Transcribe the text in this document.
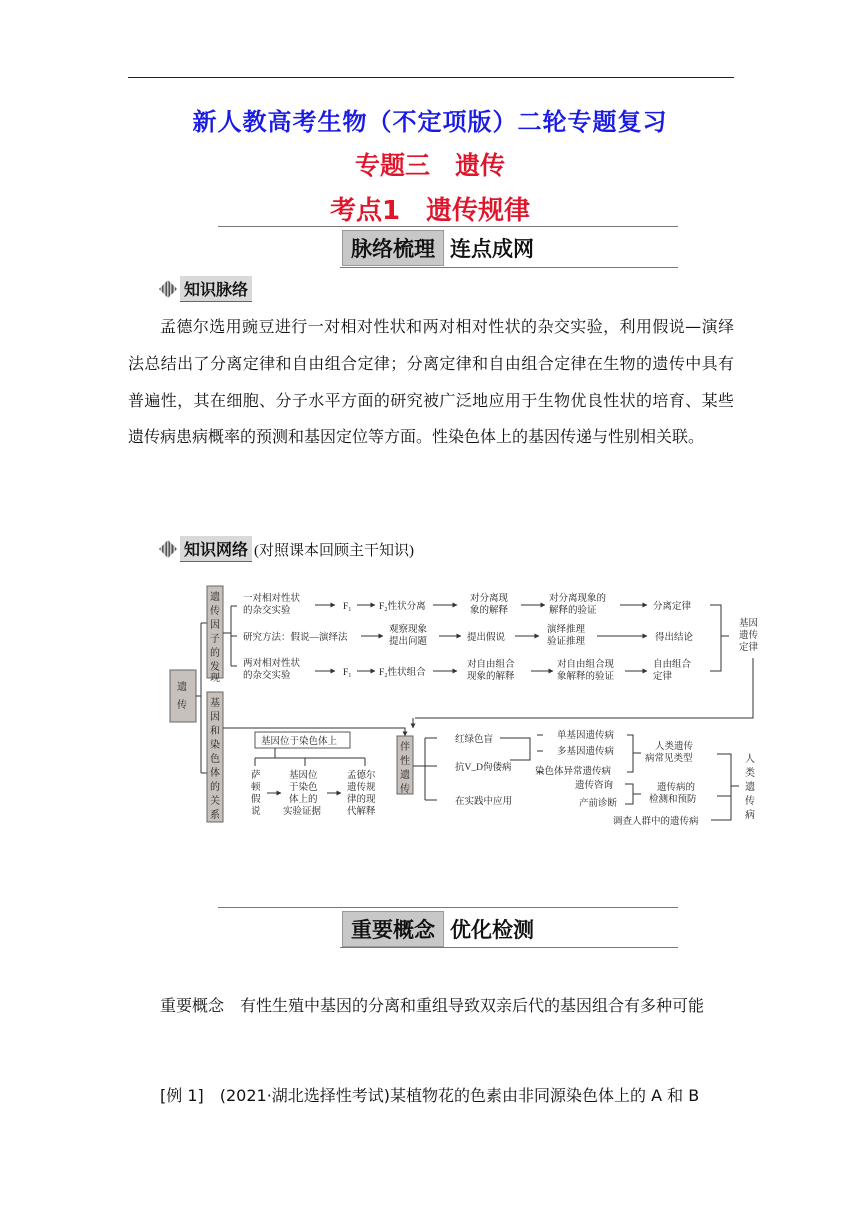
新人教高考生物（不定项版）二轮专题复习
专题三　遗传
考点1　遗传规律
脉络梳理 连点成网
知识脉络

孟德尔选用豌豆进行一对相对性状和两对相对性状的杂交实验，利用假说—演绎法总结出了分离定律和自由组合定律；分离定律和自由组合定律在生物的遗传中具有普遍性，其在细胞、分子水平方面的研究被广泛地应用于生物优良性状的培育、某些遗传病患病概率的预测和基因定位等方面。性染色体上的基因传递与性别相关联。

知识网络 (对照课本回顾主干知识)
遗
传
遗
传
因
子
的
发
现
基
因
和
染
色
体
的
关
系
一对相对性状
的杂交实验	F₁	F₂性状分离
对分离现
象的解释
对分离现象的
解释的验证	分离定律
研究方法：假说—演绎法
观察现象
提出问题	提出假说
演绎推理
验证推理	得出结论
两对相对性状
的杂交实验	F₁	F₂性状组合
对自由组合
现象的解释
对自由组合现
象解释的验证
自由组合
定律
基因
遗传
定律
基因位于染色体上
萨
顿
假
说
基因位
于染色
体上的
实验证据
孟德尔
遗传规
律的现
代解释
伴
性
遗
传
红绿色盲
抗V_D佝偻病
在实践中应用
单基因遗传病
多基因遗传病
染色体异常遗传病
人类遗传
病常见类型
遗传咨询
产前诊断
遗传病的
检测和预防
调查人群中的遗传病
人
类
遗
传
病
重要概念 优化检测

重要概念　有性生殖中基因的分离和重组导致双亲后代的基因组合有多种可能

[例 1]　(2021·湖北选择性考试)某植物花的色素由非同源染色体上的 A 和 B
